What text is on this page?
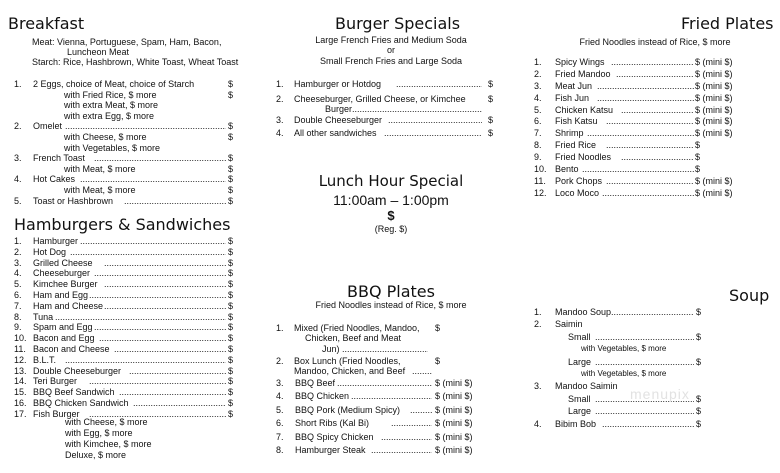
Breakfast
Meat: Vienna, Portuguese, Spam, Ham, Bacon,
Luncheon Meat
Starch: Rice, Hashbrown, White Toast, Wheat Toast
1. 2 Eggs, choice of Meat, choice of Starch	$
with Fried Rice, $ more	$
with extra Meat, $ more
with extra Egg, $ more
2. Omelet .....	$
with Cheese, $ more	$
with Vegetables, $ more
3. French Toast .....	$
with Meat, $ more	$
4. Hot Cakes .....	$
with Meat, $ more	$
5. Toast or Hashbrown .....	$
Hamburgers & Sandwiches
1. Hamburger .....	$
2. Hot Dog .....	$
3. Grilled Cheese .....	$
4. Cheeseburger .....	$
5. Kimchee Burger .....	$
6. Ham and Egg .....	$
7. Ham and Cheese .....	$
8. Tuna .....	$
9. Spam and Egg .....	$
10. Bacon and Egg .....	$
11. Bacon and Cheese .....	$
12. B.L.T. .....	$
13. Double Cheeseburger .....	$
14. Teri Burger .....	$
15. BBQ Beef Sandwich .....	$
16. BBQ Chicken Sandwich .....	$
17. Fish Burger .....	$
with Cheese, $ more
with Egg, $ more
with Kimchee, $ more
Deluxe, $ more
Burger Specials
Large French Fries and Medium Soda
or
Small French Fries and Large Soda
1. Hamburger or Hotdog .....	$
2. Cheeseburger, Grilled Cheese, or Kimchee $
Burger
.....
3. Double Cheeseburger .....	$
4. All other sandwiches .....	$
Lunch Hour Special
11:00am – 1:00pm
$
(Reg. $)
BBQ Plates
Fried Noodles instead of Rice, $ more
1. Mixed (Fried Noodles, Mandoo, $
Chicken, Beef and Meat
Jun)
.....
2. Box Lunch (Fried Noodles,	$
Mandoo, Chicken, and Beef
.....
3. BBQ Beef .....	$ (mini $)
4. BBQ Chicken .....	$ (mini $)
5. BBQ Pork (Medium Spicy) .....	$ (mini $)
6. Short Ribs (Kal Bi) .....	$ (mini $)
7. BBQ Spicy Chicken .....	$ (mini $)
8. Hamburger Steak .....	$ (mini $)
Fried Plates
Fried Noodles instead of Rice, $ more
1. Spicy Wings .....	$ (mini $)
2. Fried Mandoo .....	$ (mini $)
3. Meat Jun .....	$ (mini $)
4. Fish Jun .....	$ (mini $)
5. Chicken Katsu .....	$ (mini $)
6. Fish Katsu .....	$ (mini $)
7. Shrimp .....	$ (mini $)
8. Fried Rice .....	$
9. Fried Noodles .....	$
10. Bento .....	$
11. Pork Chops .....	$ (mini $)
12. Loco Moco .....	$ (mini $)
Soup
1. Mandoo Soup .....	$
2. Saimin
Small .....	$
with Vegetables, $ more
Large .....	$
with Vegetables, $ more
3. Mandoo Saimin
Small .....	$
Large .....	$
4. Bibim Bob .....	$
menupix
